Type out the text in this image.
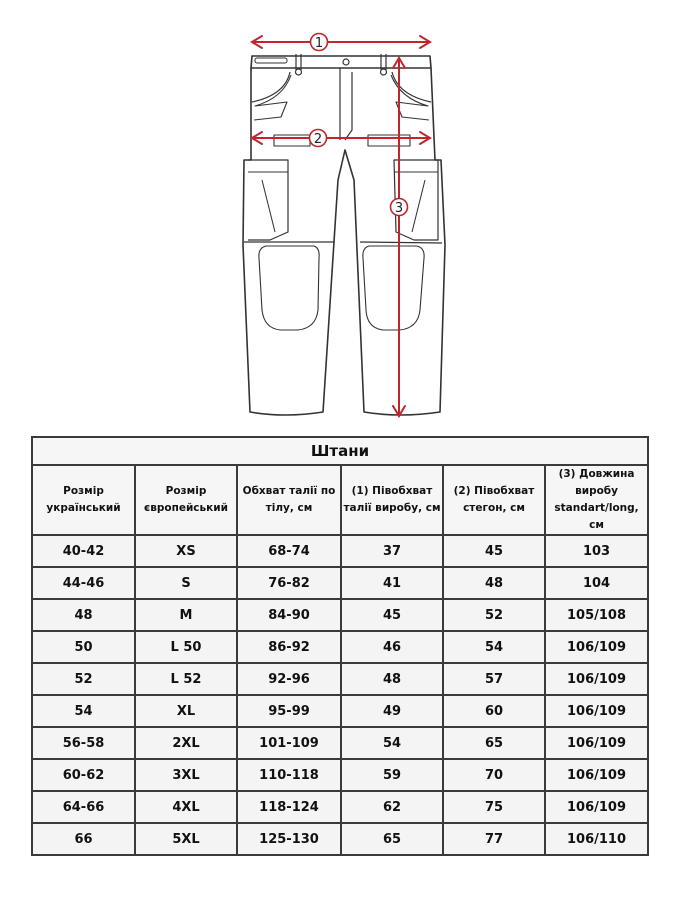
1
2
3
Штани					
Розмір український	Розмір європейський	Обхват талії по тілу, см	(1) Півобхват талії виробу, см	(2) Півобхват стегон, см	(3) Довжина виробу standart/long, см
40-42	XS	68-74	37	45	103
44-46	S	76-82	41	48	104
48	M	84-90	45	52	105/108
50	L 50	86-92	46	54	106/109
52	L 52	92-96	48	57	106/109
54	XL	95-99	49	60	106/109
56-58	2XL	101-109	54	65	106/109
60-62	3XL	110-118	59	70	106/109
64-66	4XL	118-124	62	75	106/109
66	5XL	125-130	65	77	106/110
